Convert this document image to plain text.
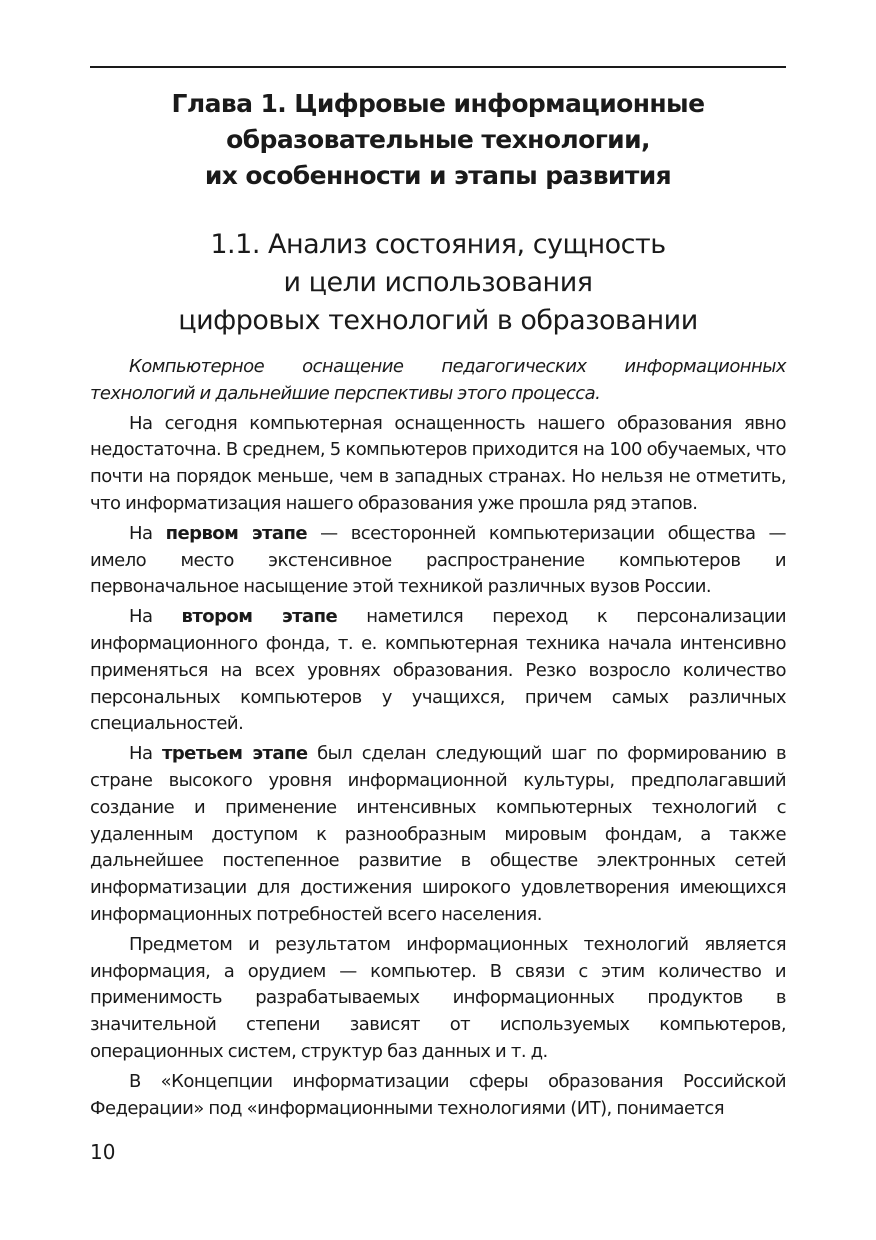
Глава 1. Цифровые информационные
образовательные технологии,
их особенности и этапы развития
1.1. Анализ состояния, сущность
и цели использования
цифровых технологий в образовании

Компьютерное оснащение педагогических информационных технологий и дальнейшие перспективы этого процесса.

На сегодня компьютерная оснащенность нашего образования явно недостаточна. В среднем, 5 компьютеров приходится на 100 обучаемых, что почти на порядок меньше, чем в западных странах. Но нельзя не отметить, что информатизация нашего образования уже прошла ряд этапов.

На первом этапе — всесторонней компьютеризации общества — имело место экстенсивное распространение компьютеров и первоначальное насыщение этой техникой различных вузов России.

На втором этапе наметился переход к персонализации информационного фонда, т. е. компьютерная техника начала интенсивно применяться на всех уровнях образования. Резко возросло количество персональных компьютеров у учащихся, причем самых различных специальностей.

На третьем этапе был сделан следующий шаг по формированию в стране высокого уровня информационной культуры, предполагавший создание и применение интенсивных компьютерных технологий с удаленным доступом к разнообразным мировым фондам, а также дальнейшее постепенное развитие в обществе электронных сетей информатизации для достижения широкого удовлетворения имеющихся информационных потребностей всего населения.

Предметом и результатом информационных технологий является информация, а орудием — компьютер. В связи с этим количество и применимость разрабатываемых информационных продуктов в значительной степени зависят от используемых компьютеров, операционных систем, структур баз данных и т. д.

В «Концепции информатизации сферы образования Российской Федерации» под «информационными технологиями (ИТ), понимается

10
